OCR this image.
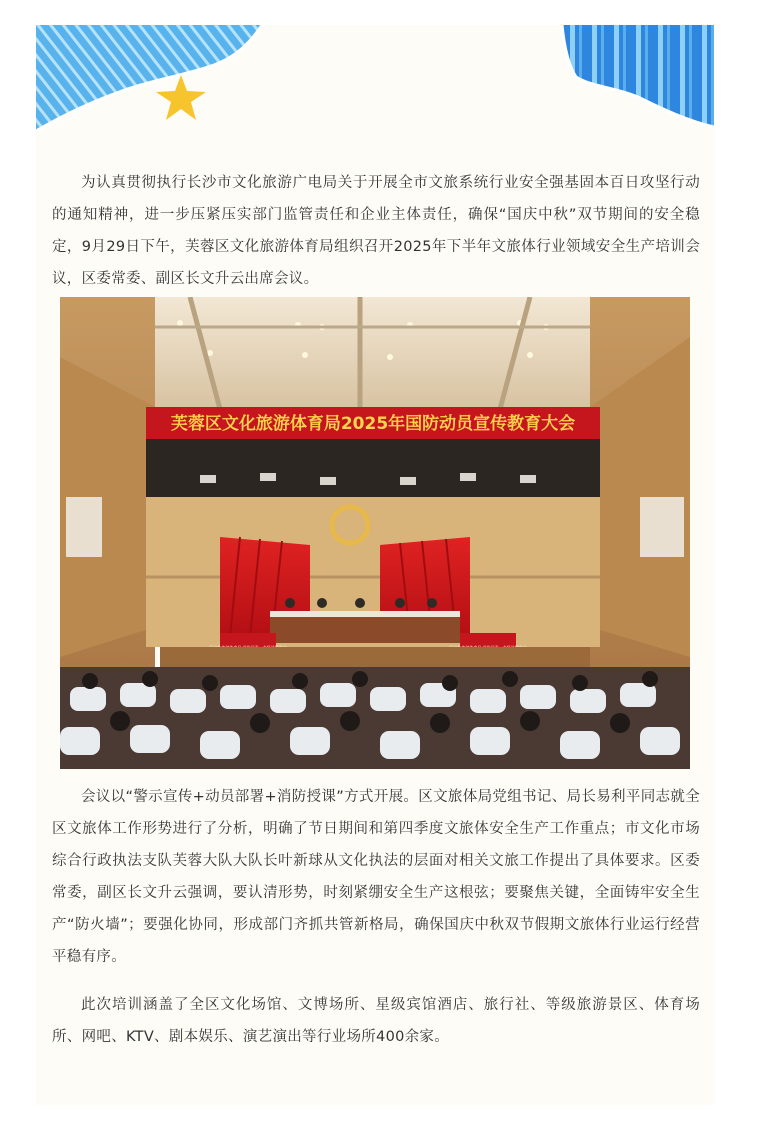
为认真贯彻执行长沙市文化旅游广电局关于开展全市文旅系统行业安全强基固本百日攻坚行动的通知精神，进一步压紧压实部门监管责任和企业主体责任，确保“国庆中秋”双节期间的安全稳定，9月29日下午，芙蓉区文化旅游体育局组织召开2025年下半年文旅体行业领域安全生产培训会议，区委常委、副区长文升云出席会议。

芙蓉区文化旅游体育局2025年国防动员宣传教育大会

会议以“警示宣传+动员部署+消防授课”方式开展。区文旅体局党组书记、局长易利平同志就全区文旅体工作形势进行了分析，明确了节日期间和第四季度文旅体安全生产工作重点；市文化市场综合行政执法支队芙蓉大队大队长叶新球从文化执法的层面对相关文旅工作提出了具体要求。区委常委，副区长文升云强调，要认清形势，时刻紧绷安全生产这根弦；要聚焦关键，全面铸牢安全生产“防火墙”；要强化协同，形成部门齐抓共管新格局，确保国庆中秋双节假期文旅体行业运行经营平稳有序。

此次培训涵盖了全区文化场馆、文博场所、星级宾馆酒店、旅行社、等级旅游景区、体育场所、网吧、KTV、剧本娱乐、演艺演出等行业场所400余家。
